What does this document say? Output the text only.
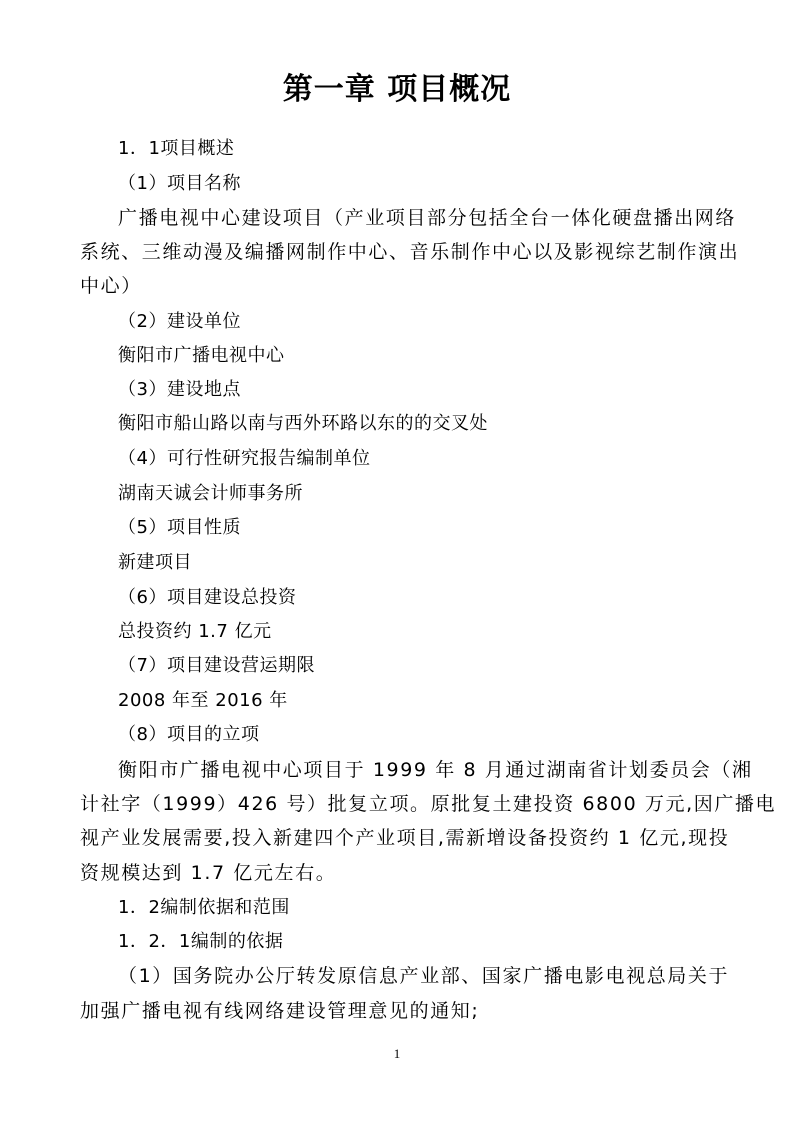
第一章 项目概况
1．1项目概述
（1）项目名称
广播电视中心建设项目（产业项目部分包括全台一体化硬盘播出网络
系统、三维动漫及编播网制作中心、音乐制作中心以及影视综艺制作演出
中心）
（2）建设单位
衡阳市广播电视中心
（3）建设地点
衡阳市船山路以南与西外环路以东的的交叉处
（4）可行性研究报告编制单位
湖南天诚会计师事务所
（5）项目性质
新建项目
（6）项目建设总投资
总投资约 1.7 亿元
（7）项目建设营运期限
2008 年至 2016 年
（8）项目的立项
衡阳市广播电视中心项目于 1999 年 8 月通过湖南省计划委员会（湘
计社字（1999）426 号）批复立项。原批复土建投资 6800 万元,因广播电
视产业发展需要,投入新建四个产业项目,需新增设备投资约 1 亿元,现投
资规模达到 1.7 亿元左右。
1．2编制依据和范围
1．2．1编制的依据
（1）国务院办公厅转发原信息产业部、国家广播电影电视总局关于
加强广播电视有线网络建设管理意见的通知;
1
